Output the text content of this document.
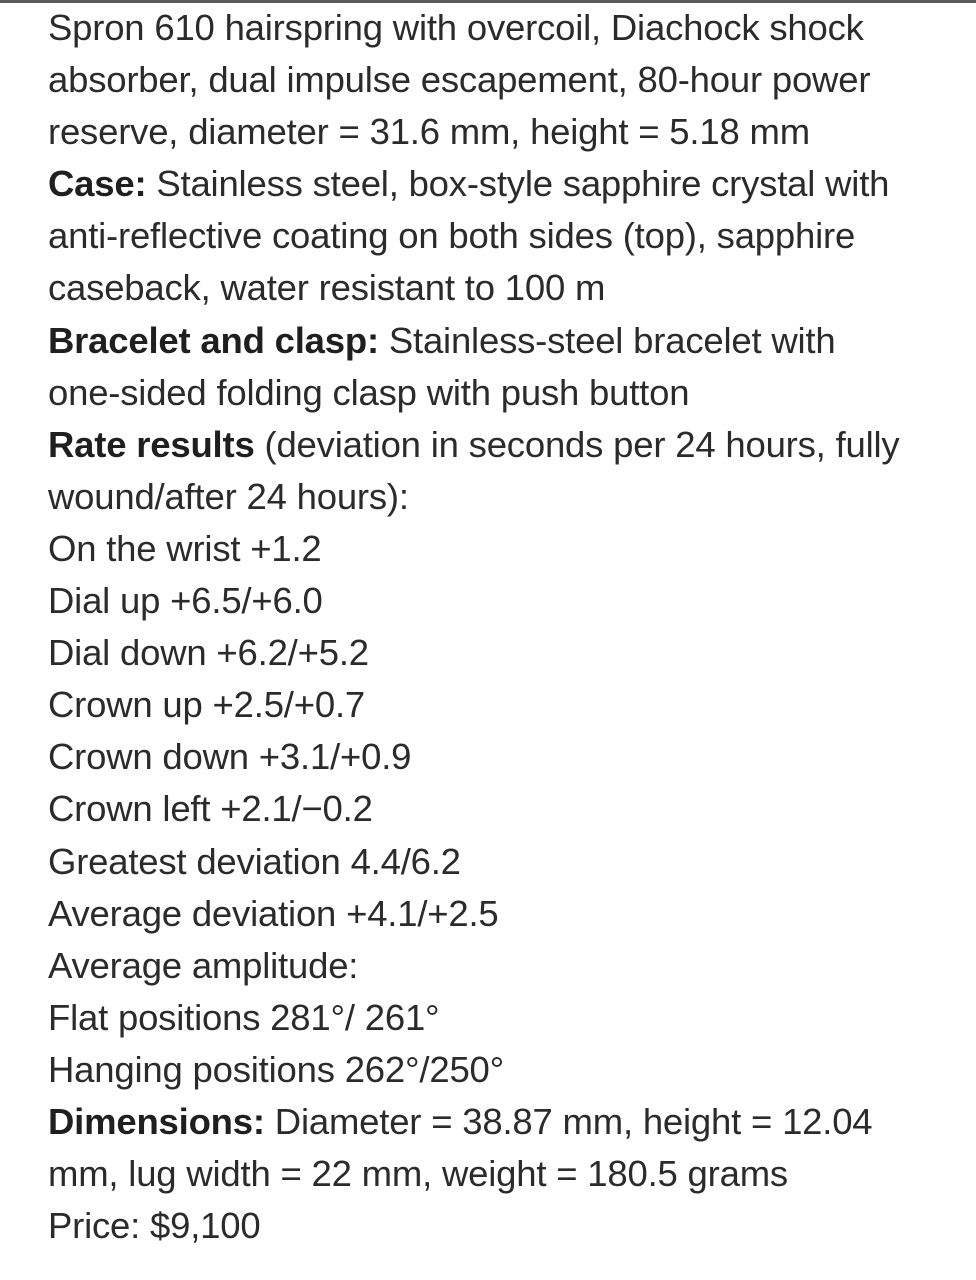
Spron 610 hairspring with overcoil, Diachock shock
absorber, dual impulse escapement, 80-hour power
reserve, diameter = 31.6 mm, height = 5.18 mm
Case: Stainless steel, box-style sapphire crystal with
anti-reflective coating on both sides (top), sapphire
caseback, water resistant to 100 m
Bracelet and clasp: Stainless-steel bracelet with
one-sided folding clasp with push button
Rate results (deviation in seconds per 24 hours, fully
wound/after 24 hours):
On the wrist +1.2
Dial up +6.5/+6.0
Dial down +6.2/+5.2
Crown up +2.5/+0.7
Crown down +3.1/+0.9
Crown left +2.1/−0.2
Greatest deviation 4.4/6.2
Average deviation +4.1/+2.5
Average amplitude:
Flat positions 281°/ 261°
Hanging positions 262°/250°
Dimensions: Diameter = 38.87 mm, height = 12.04
mm, lug width = 22 mm, weight = 180.5 grams
Price: $9,100
